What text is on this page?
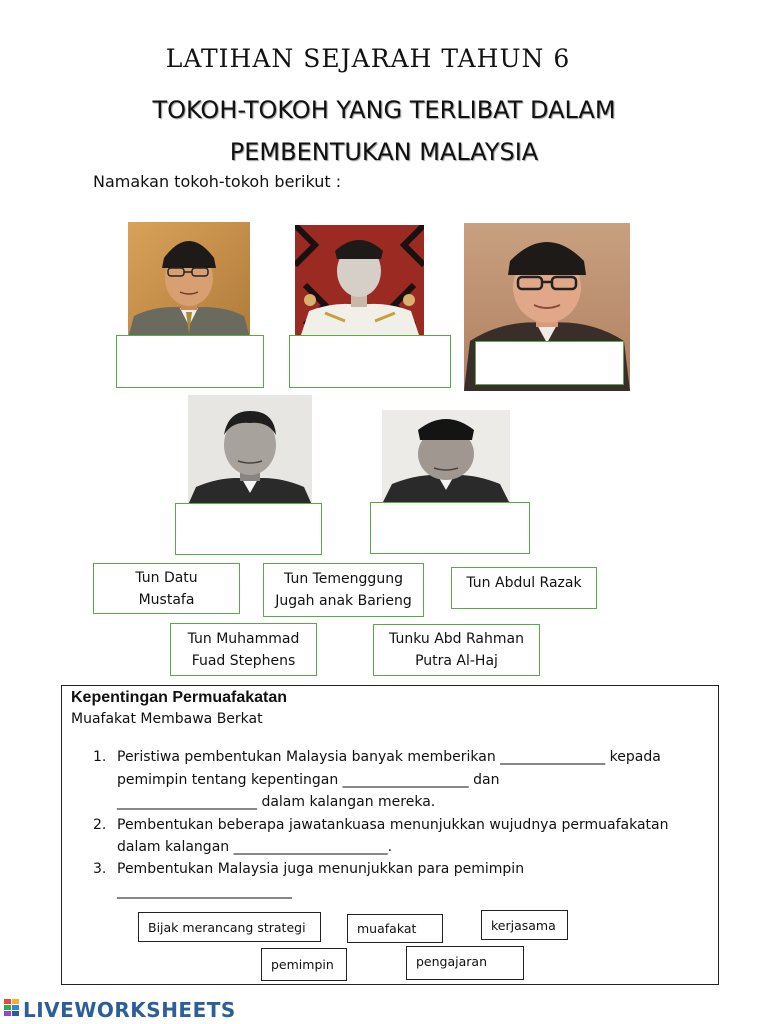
LATIHAN SEJARAH TAHUN 6
TOKOH-TOKOH YANG TERLIBAT DALAM
PEMBENTUKAN MALAYSIA
Namakan tokoh-tokoh berikut :
Tun Datu
Mustafa
Tun Temenggung
Jugah anak Barieng
Tun Abdul Razak
Tun Muhammad
Fuad Stephens
Tunku Abd Rahman
Putra Al-Haj
Kepentingan Permuafakatan
Muafakat Membawa Berkat
1. Peristiwa pembentukan Malaysia banyak memberikan _______________ kepada
pemimpin tentang kepentingan __________________ dan
____________________ dalam kalangan mereka.
2. Pembentukan beberapa jawatankuasa menunjukkan wujudnya permuafakatan
dalam kalangan ______________________.
3. Pembentukan Malaysia juga menunjukkan para pemimpin
_________________________
Bijak merancang strategi	muafakat	kerjasama
pemimpin	pengajaran
LIVEWORKSHEETS
